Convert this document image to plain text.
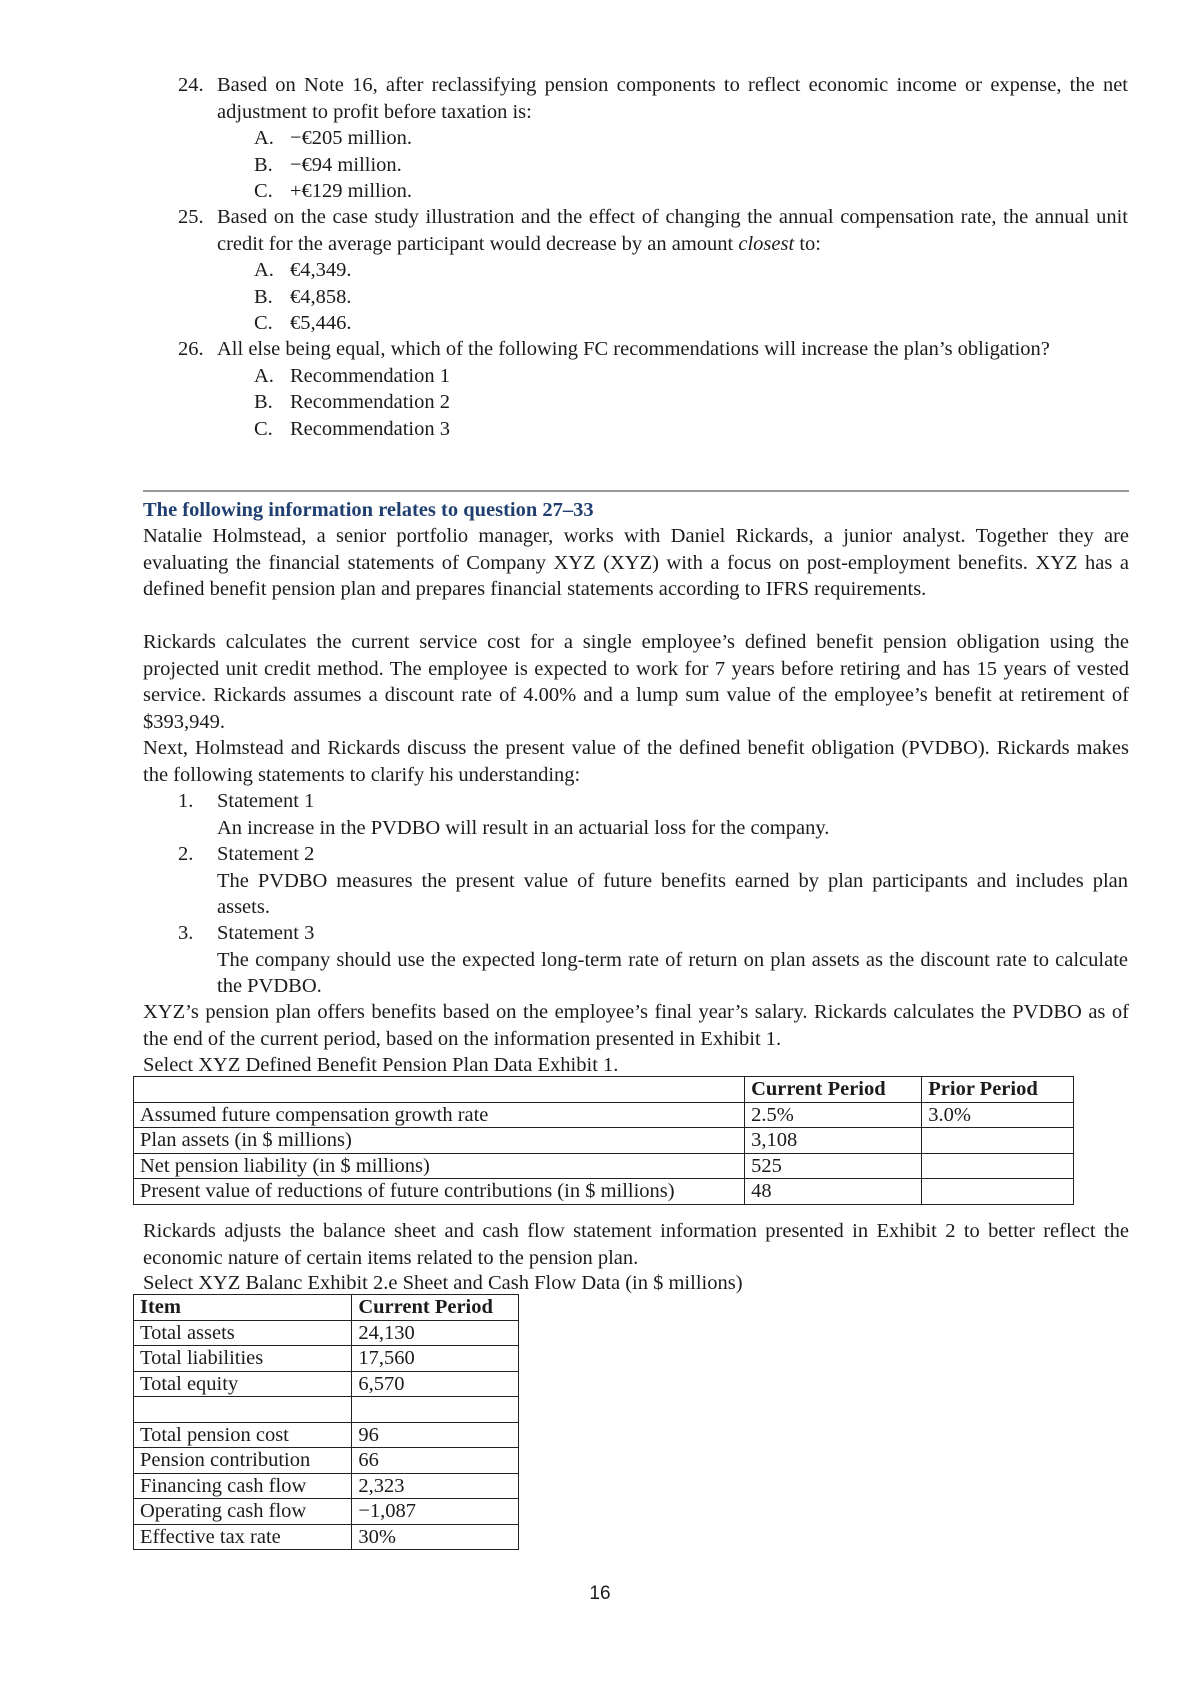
24. Based on Note 16, after reclassifying pension components to reflect economic income or expense, the net adjustment to profit before taxation is:
A. −€205 million.
B. −€94 million.
C. +€129 million.
25. Based on the case study illustration and the effect of changing the annual compensation rate, the annual unit credit for the average participant would decrease by an amount closest to:
A. €4,349.
B. €4,858.
C. €5,446.
26. All else being equal, which of the following FC recommendations will increase the plan’s obligation?
A. Recommendation 1
B. Recommendation 2
C. Recommendation 3
The following information relates to question 27–33
Natalie Holmstead, a senior portfolio manager, works with Daniel Rickards, a junior analyst. Together they are evaluating the financial statements of Company XYZ (XYZ) with a focus on post-employment benefits. XYZ has a defined benefit pension plan and prepares financial statements according to IFRS requirements.
Rickards calculates the current service cost for a single employee’s defined benefit pension obligation using the projected unit credit method. The employee is expected to work for 7 years before retiring and has 15 years of vested service. Rickards assumes a discount rate of 4.00% and a lump sum value of the employee’s benefit at retirement of $393,949.
Next, Holmstead and Rickards discuss the present value of the defined benefit obligation (PVDBO). Rickards makes the following statements to clarify his understanding:
1. Statement 1
An increase in the PVDBO will result in an actuarial loss for the company.
2. Statement 2
The PVDBO measures the present value of future benefits earned by plan participants and includes plan assets.
3. Statement 3
The company should use the expected long-term rate of return on plan assets as the discount rate to calculate the PVDBO.
XYZ’s pension plan offers benefits based on the employee’s final year’s salary. Rickards calculates the PVDBO as of the end of the current period, based on the information presented in Exhibit 1.
Select XYZ Defined Benefit Pension Plan Data Exhibit 1.
	Current Period	Prior Period
Assumed future compensation growth rate	2.5%	3.0%
Plan assets (in $ millions)	3,108	
Net pension liability (in $ millions)	525	
Present value of reductions of future contributions (in $ millions)	48	
Rickards adjusts the balance sheet and cash flow statement information presented in Exhibit 2 to better reflect the economic nature of certain items related to the pension plan.
Select XYZ Balanc Exhibit 2.e Sheet and Cash Flow Data (in $ millions)
Item	Current Period
Total assets	24,130
Total liabilities	17,560
Total equity	6,570

Total pension cost	96
Pension contribution	66
Financing cash flow	2,323
Operating cash flow	−1,087
Effective tax rate	30%
16
